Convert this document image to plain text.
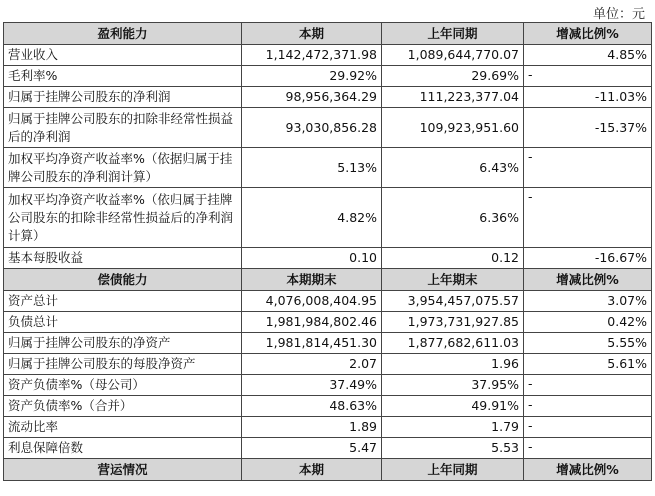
单位：元
盈利能力	本期	上年同期	增减比例%
营业收入	1,142,472,371.98	1,089,644,770.07	4.85%
毛利率%	29.92%	29.69%	-
归属于挂牌公司股东的净利润	98,956,364.29	111,223,377.04	-11.03%
归属于挂牌公司股东的扣除非经常性损益后的净利润	93,030,856.28	109,923,951.60	-15.37%
加权平均净资产收益率%（依据归属于挂牌公司股东的净利润计算）	5.13%	6.43%	-
加权平均净资产收益率%（依归属于挂牌公司股东的扣除非经常性损益后的净利润计算）	4.82%	6.36%	-
基本每股收益	0.10	0.12	-16.67%
偿债能力	本期期末	上年期末	增减比例%
资产总计	4,076,008,404.95	3,954,457,075.57	3.07%
负债总计	1,981,984,802.46	1,973,731,927.85	0.42%
归属于挂牌公司股东的净资产	1,981,814,451.30	1,877,682,611.03	5.55%
归属于挂牌公司股东的每股净资产	2.07	1.96	5.61%
资产负债率%（母公司）	37.49%	37.95%	-
资产负债率%（合并）	48.63%	49.91%	-
流动比率	1.89	1.79	-
利息保障倍数	5.47	5.53	-
营运情况	本期	上年同期	增减比例%
